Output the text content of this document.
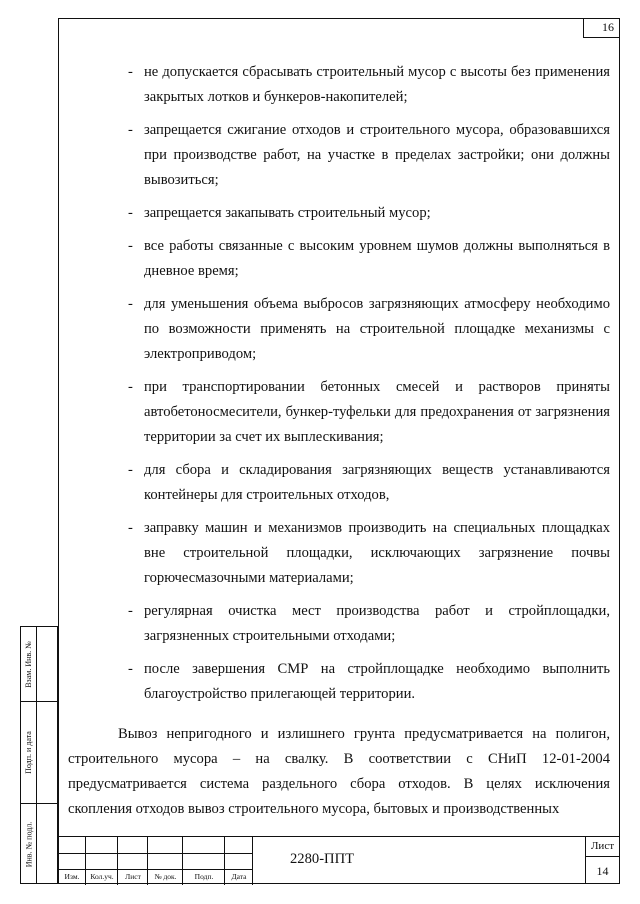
16
- не допускается сбрасывать строительный мусор с высоты без применения закрытых лотков и бункеров-накопителей;
- запрещается сжигание отходов и строительного мусора, образовавшихся при производстве работ, на участке в пределах застройки; они должны вывозиться;
- запрещается закапывать строительный мусор;
- все работы связанные с высоким уровнем шумов должны выполняться в дневное время;
- для уменьшения объема выбросов загрязняющих атмосферу необходимо по возможности применять на строительной площадке механизмы с электроприводом;
- при транспортировании бетонных смесей и растворов приняты автобетоносмесители, бункер-туфельки для предохранения от загрязнения территории за счет их выплескивания;
- для сбора и складирования загрязняющих веществ устанавливаются контейнеры для строительных отходов,
- заправку машин и механизмов производить на специальных площадках вне строительной площадки, исключающих загрязнение почвы горючесмазочными материалами;
- регулярная очистка мест производства работ и стройплощадки, загрязненных строительными отходами;
- после завершения СМР на стройплощадке необходимо выполнить благоустройство прилегающей территории.

Вывоз непригодного и излишнего грунта предусматривается на полигон, строительного мусора – на свалку. В соответствии с СНиП 12-01-2004 предусматривается система раздельного сбора отходов. В целях исключения скопления отходов вывоз строительного мусора, бытовых и производственных

Взам. Инв. №
Подп. и дата
Инв. № подл.
Изм.	Кол.уч.	Лист	№ док.	Подп.	Дата
2280-ППТ
Лист
14
